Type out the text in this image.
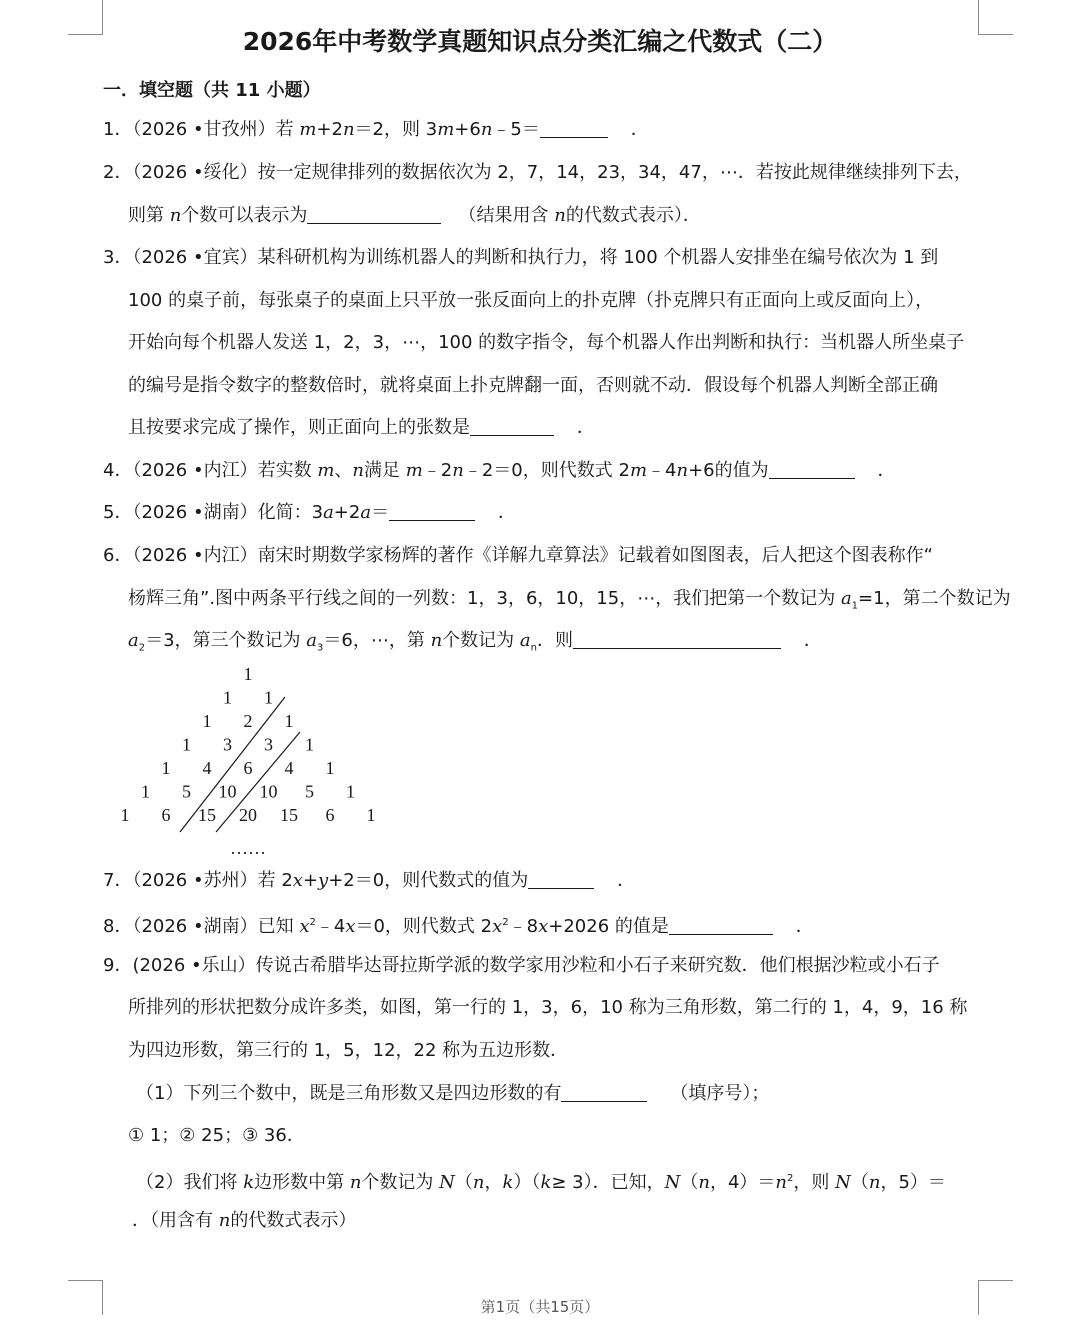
2026年中考数学真题知识点分类汇编之代数式（二）
一．填空题（共 11 小题）
1．（2026 •甘孜州）若 m+2n＝2，则 3m+6n﹣5＝	．
2．（2026 •绥化）按一定规律排列的数据依次为 2，7，14，23，34，47，⋯．若按此规律继续排列下去，
则第 n个数可以表示为	（结果用含 n的代数式表示）．
3．（2026 •宜宾）某科研机构为训练机器人的判断和执行力，将 100 个机器人安排坐在编号依次为 1 到
100 的桌子前，每张桌子的桌面上只平放一张反面向上的扑克牌（扑克牌只有正面向上或反面向上），
开始向每个机器人发送 1，2，3，⋯，100 的数字指令，每个机器人作出判断和执行：当机器人所坐桌子
的编号是指令数字的整数倍时，就将桌面上扑克牌翻一面，否则就不动．假设每个机器人判断全部正确
且按要求完成了操作，则正面向上的张数是	．
4．（2026 •内江）若实数 m、n满足 m﹣2n﹣2＝0，则代数式 2m﹣4n+6的值为	．
5．（2026 •湖南）化简：3a+2a＝	．
6．（2026 •内江）南宋时期数学家杨辉的著作《详解九章算法》记载着如图图表，后人把这个图表称作“
杨辉三角”.图中两条平行线之间的一列数：1，3，6，10，15，⋯，我们把第一个数记为 $a_1=1$，第二个数记为
$a_2=3$，第三个数记为 $a_3=6$，⋯，第 n个数记为 $a_n$．则	．
1
1 1
1 2 1
1 3 3 1
1 4 6 4 1
1 5 10 10 5 1
1 6 15 20 15 6 1
……
7．（2026 •苏州）若 2x+y+2＝0，则代数式的值为	．
8．（2026 •湖南）已知 $x^2﹣4x=0$，则代数式 $2x^2﹣8x+2026$ 的值是	．
9．(2026 •乐山）传说古希腊毕达哥拉斯学派的数学家用沙粒和小石子来研究数．他们根据沙粒或小石子
所排列的形状把数分成许多类，如图，第一行的 1，3，6，10 称为三角形数，第二行的 1，4，9，16 称
为四边形数，第三行的 1，5，12，22 称为五边形数．
（1）下列三个数中，既是三角形数又是四边形数的有	（填序号）；
① 1；② 25；③ 36．
（2）我们将 k边形数中第 n个数记为 N（n，k）（k≥ 3）．已知，N（n，$4)=n^2$，则 N（n，5）＝
．（用含有 n的代数式表示）
第1页（共15页）
